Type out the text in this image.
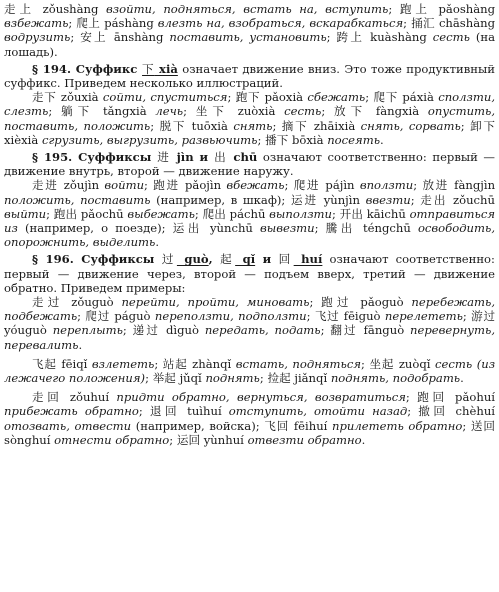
走上 zǒushàng взойти, подняться, встать на, вступить; 跑上 pǎoshàng взбежать; 爬上 páshàng влезть на, взобраться, вскарабкаться; 捅汇 chāshàng водрузить; 安上 ānshàng поставить, установить; 跨上 kuàshàng сесть (на лошадь).

§ 194. Суффикс 下 xià означает движение вниз. Это тоже продуктивный суффикс. Приведем несколько иллюстраций.

走下 zǒuxià сойти, спуститься; 跑下 pǎoxià сбежать; 爬下 páxià сползти, слезть; 躺下 tǎngxià лечь; 坐下 zuòxià сесть; 放下 fàngxià опустить, поставить, положить; 脱下 tuōxià снять; 摘下 zhāixià снять, сорвать; 卸下 xièxià сгрузить, выгрузить, развьючить; 播下 bōxià посеять.

§ 195. Суффиксы 进 jìn и 出 chū означают соответственно: первый — движение внутрь, второй — движение наружу.

走进 zǒujìn войти; 跑进 pǎojìn вбежать; 爬进 pájìn вползти; 放进 fàngjìn положить, поставить (например, в шкаф); 运进 yùnjìn ввезти; 走出 zǒuchū выйти; 跑出 pǎochū выбежать; 爬出 páchū выползти; 开出 kāichū отправиться из (например, о поезде); 运出 yùnchū вывезти; 騰出 téngchū освободить, опорожнить, выделить.

§ 196. Суффиксы 过 guò, 起 qǐ и 回 huí означают соответственно: первый — движение через, второй — подъем вверх, третий — движение обратно. Приведем примеры:

走过 zǒuguò перейти, пройти, миновать; 跑过 pǎoguò перебежать, подбежать; 爬过 páguò переползти, подползти; 飞过 fēiguò перелететь; 游过 yóuguò переплыть; 递过 dìguò передать, подать; 翻过 fānguò перевернуть, перевалить.

飞起 fēiqǐ взлететь; 站起 zhànqǐ встать, подняться; 坐起 zuòqǐ сесть (из лежачего положения); 举起 jǔqǐ поднять; 捡起 jiǎnqǐ поднять, подобрать.

走回 zǒuhuí придти обратно, вернуться, возвратиться; 跑回 pǎohuí прибежать обратно; 退回 tuìhuí отступить, отойти назад; 撤回 chèhuí отозвать, отвести (например, войска); 飞回 fēihuí прилететь обратно; 送回 sònghuí отнести обратно; 运回 yùnhuí отвезти обратно.
